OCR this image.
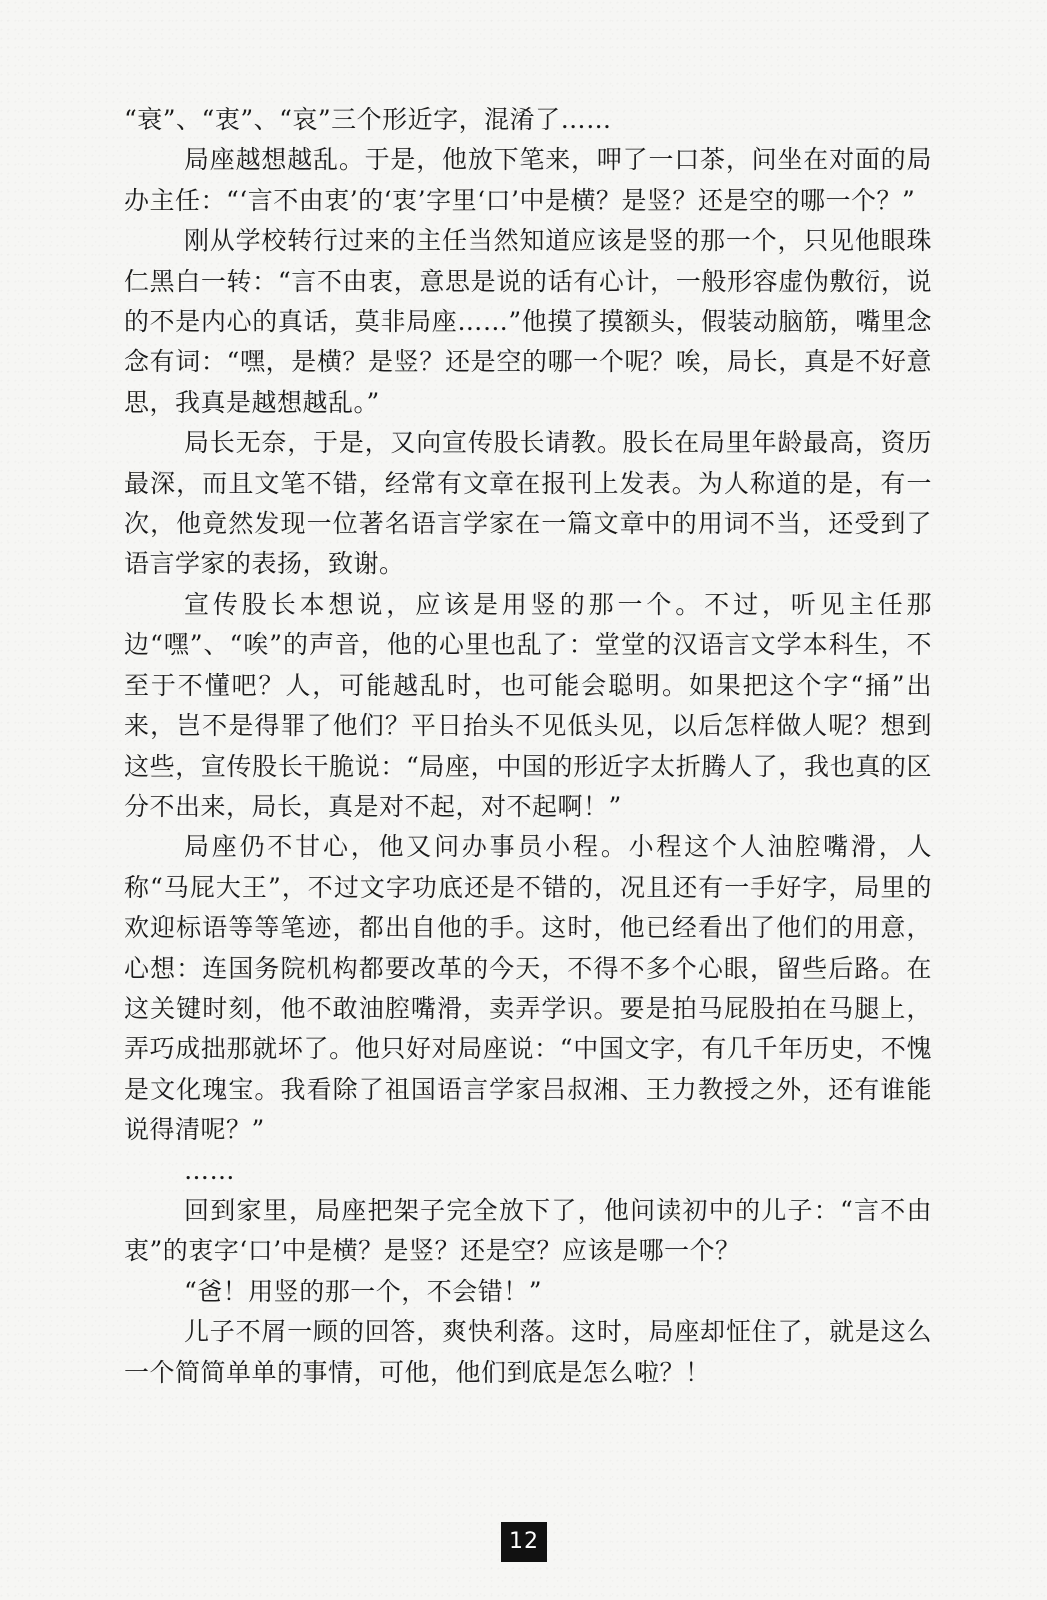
“衰”、“衷”、“哀”三个形近字，混淆了……

局座越想越乱。于是，他放下笔来，呷了一口茶，问坐在对面的局办主任：“‘言不由衷’的‘衷’字里‘口’中是横？是竖？还是空的哪一个？”

刚从学校转行过来的主任当然知道应该是竖的那一个，只见他眼珠仁黑白一转：“言不由衷，意思是说的话有心计，一般形容虚伪敷衍，说的不是内心的真话，莫非局座……”他摸了摸额头，假装动脑筋，嘴里念念有词：“嘿，是横？是竖？还是空的哪一个呢？唉，局长，真是不好意思，我真是越想越乱。”

局长无奈，于是，又向宣传股长请教。股长在局里年龄最高，资历最深，而且文笔不错，经常有文章在报刊上发表。为人称道的是，有一次，他竟然发现一位著名语言学家在一篇文章中的用词不当，还受到了语言学家的表扬，致谢。

宣传股长本想说，应该是用竖的那一个。不过，听见主任那边“嘿”、“唉”的声音，他的心里也乱了：堂堂的汉语言文学本科生，不至于不懂吧？人，可能越乱时，也可能会聪明。如果把这个字“捅”出来，岂不是得罪了他们？平日抬头不见低头见，以后怎样做人呢？想到这些，宣传股长干脆说：“局座，中国的形近字太折腾人了，我也真的区分不出来，局长，真是对不起，对不起啊！”

局座仍不甘心，他又问办事员小程。小程这个人油腔嘴滑，人称“马屁大王”，不过文字功底还是不错的，况且还有一手好字，局里的欢迎标语等等笔迹，都出自他的手。这时，他已经看出了他们的用意，心想：连国务院机构都要改革的今天，不得不多个心眼，留些后路。在这关键时刻，他不敢油腔嘴滑，卖弄学识。要是拍马屁股拍在马腿上，弄巧成拙那就坏了。他只好对局座说：“中国文字，有几千年历史，不愧是文化瑰宝。我看除了祖国语言学家吕叔湘、王力教授之外，还有谁能说得清呢？”

……

回到家里，局座把架子完全放下了，他问读初中的儿子：“言不由衷”的衷字‘口’中是横？是竖？还是空？应该是哪一个？

“爸！用竖的那一个，不会错！”

儿子不屑一顾的回答，爽快利落。这时，局座却怔住了，就是这么一个简简单单的事情，可他，他们到底是怎么啦？！

12
